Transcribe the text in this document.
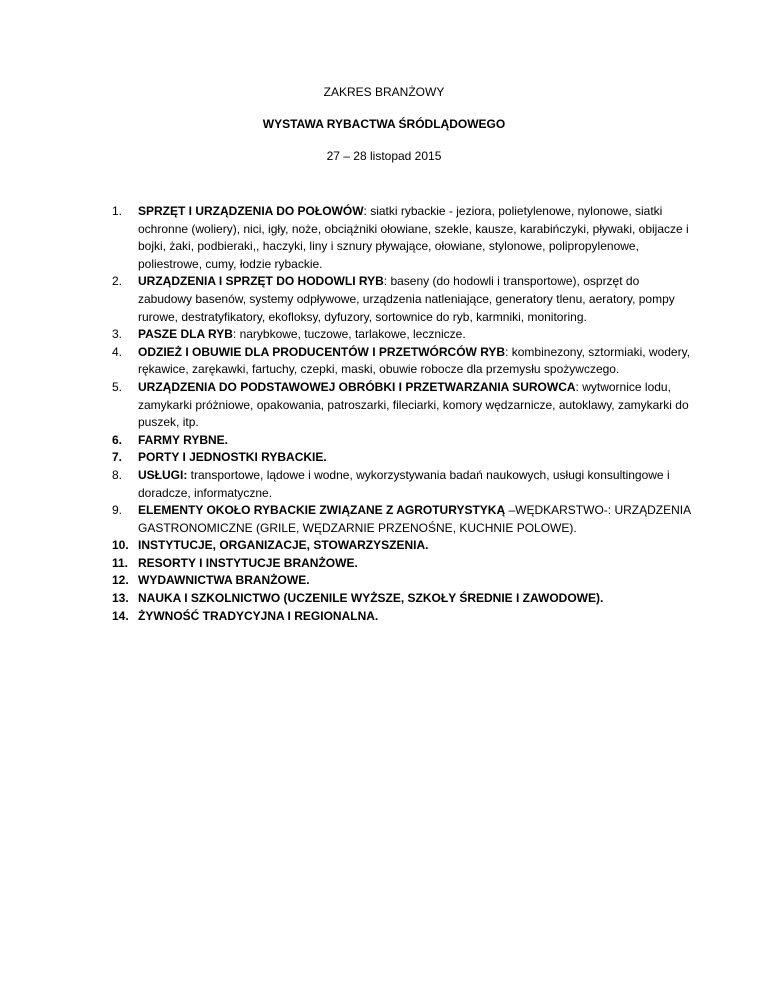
ZAKRES BRANŻOWY

WYSTAWA RYBACTWA ŚRÓDLĄDOWEGO

27 – 28 listopad 2015

1.	SPRZĘT I URZĄDZENIA DO POŁOWÓW: siatki rybackie - jeziora, polietylenowe, nylonowe, siatki ochronne (woliery), nici, igły, noże, obciążniki ołowiane, szekle, kausze, karabińczyki, pływaki, obijacze i bojki, żaki, podbieraki,, haczyki, liny i sznury pływające, ołowiane, stylonowe, polipropylenowe, poliestrowe, cumy, łodzie rybackie.
2.	URZĄDZENIA I SPRZĘT DO HODOWLI RYB: baseny (do hodowli i transportowe), osprzęt do zabudowy basenów, systemy odpływowe, urządzenia natleniające, generatory tlenu, aeratory, pompy rurowe, destratyfikatory, ekofloksy, dyfuzory, sortownice do ryb, karmniki, monitoring.
3.	PASZE DLA RYB: narybkowe, tuczowe, tarlakowe, lecznicze.
4.	ODZIEŻ I OBUWIE DLA PRODUCENTÓW I PRZETWÓRCÓW RYB: kombinezony, sztormiaki, wodery, rękawice, zarękawki, fartuchy, czepki, maski, obuwie robocze dla przemysłu spożywczego.
5.	URZĄDZENIA DO PODSTAWOWEJ OBRÓBKI I PRZETWARZANIA SUROWCA: wytwornice lodu, zamykarki próżniowe, opakowania, patroszarki, fileciarki, komory wędzarnicze, autoklawy, zamykarki do puszek, itp.
6.	FARMY RYBNE.
7.	PORTY I JEDNOSTKI RYBACKIE.
8.	USŁUGI: transportowe, lądowe i wodne, wykorzystywania badań naukowych, usługi konsultingowe i doradcze, informatyczne.
9.	ELEMENTY OKOŁO RYBACKIE ZWIĄZANE Z AGROTURYSTYKĄ –WĘDKARSTWO-: URZĄDZENIA GASTRONOMICZNE (GRILE, WĘDZARNIE PRZENOŚNE, KUCHNIE POLOWE).
10. INSTYTUCJE, ORGANIZACJE, STOWARZYSZENIA.
11. RESORTY I INSTYTUCJE BRANŻOWE.
12. WYDAWNICTWA BRANŻOWE.
13. NAUKA I SZKOLNICTWO (UCZENILE WYŻSZE, SZKOŁY ŚREDNIE I ZAWODOWE).
14. ŻYWNOŚĆ TRADYCYJNA I REGIONALNA.
